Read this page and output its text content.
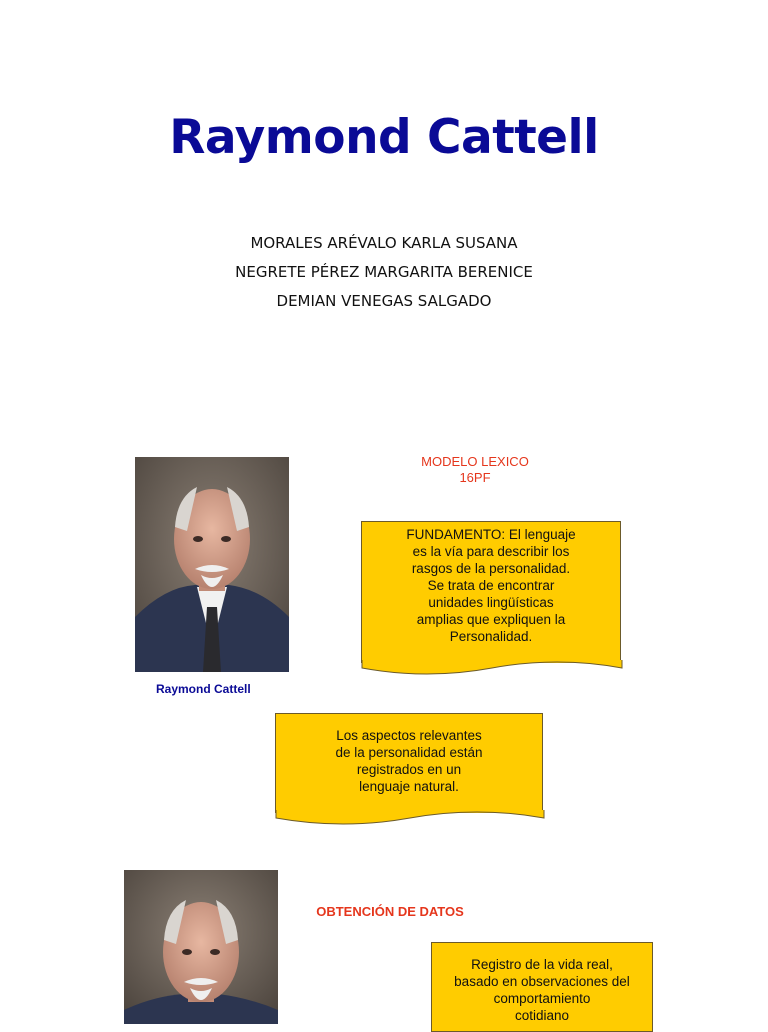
Raymond Cattell
MORALES ARÉVALO KARLA SUSANA
NEGRETE PÉREZ MARGARITA BERENICE
DEMIAN VENEGAS SALGADO
Raymond Cattell
MODELO LEXICO
16PF
FUNDAMENTO: El lenguaje
es la vía para describir los
rasgos de la personalidad.
Se trata de encontrar
unidades lingüísticas
amplias que expliquen la
Personalidad.
Los aspectos relevantes
de la personalidad están
registrados en un
lenguaje natural.
OBTENCIÓN DE DATOS
Registro de la vida real,
basado en observaciones del
comportamiento
cotidiano
